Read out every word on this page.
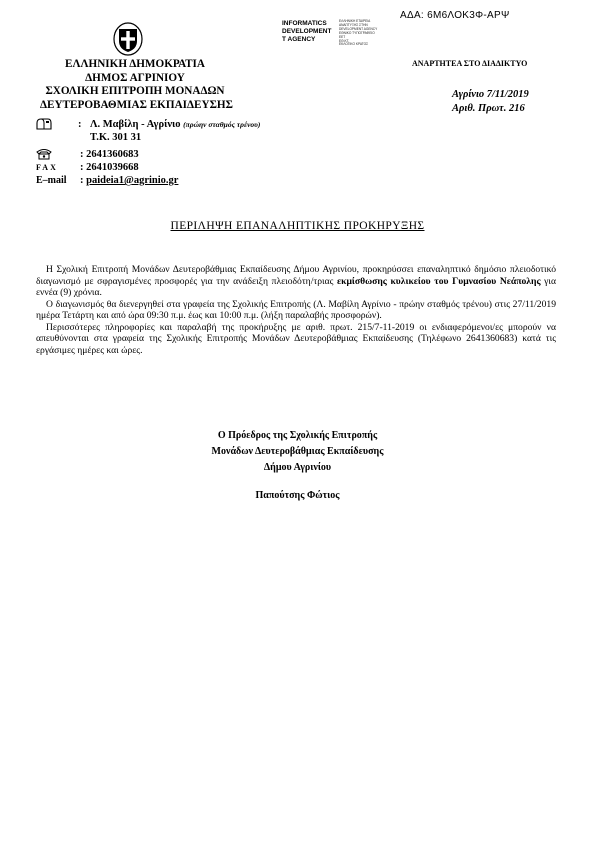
ΑΔΑ: 6Μ6ΛΟΚ3Φ-ΑΡΨ
INFORMATICS
DEVELOPMENT
T AGENCY
ΕΛΛΗΝΙΚΗ ΕΤΑΙΡΕΙΑ
ΑΝΑΠΤΥΞΗΣ ΣΤΗΝ
DEVELOPMENT AGENCY
ΕΘΝΙΚΟ ΤΥΠΟΓΡΑΦΕΙΟ
ΕΕΤ
ΕΘ.ΚΤ.
ΕΚΛΟΓΙΚΟ ΚΡΑΤΟΣ
ΕΛΛΗΝΙΚΗ ΔΗΜΟΚΡΑΤΙΑ
ΔΗΜΟΣ ΑΓΡΙΝΙΟΥ
ΣΧΟΛΙΚΗ ΕΠΙΤΡΟΠΗ ΜΟΝΑΔΩΝ
ΔΕΥΤΕΡΟΒΑΘΜΙΑΣ ΕΚΠΑΙΔΕΥΣΗΣ
ΑΝΑΡΤΗΤΕΑ ΣΤΟ ΔΙΑΔΙΚΤΥΟ
Αγρίνιο 7/11/2019
Αριθ. Πρωτ. 216
: Λ. Μαβίλη - Αγρίνιο (πρώην σταθμός τρένου)
Τ.Κ. 301 31
: 2641360683
FAX : 2641039668
E–mail : paideia1@agrinio.gr
ΠΕΡΙΛΗΨΗ ΕΠΑΝΑΛΗΠΤΙΚΗΣ ΠΡΟΚΗΡΥΞΗΣ

Η Σχολική Επιτροπή Μονάδων Δευτεροβάθμιας Εκπαίδευσης Δήμου Αγρινίου, προκηρύσσει επαναληπτικό δημόσιο πλειοδοτικό διαγωνισμό με σφραγισμένες προσφορές για την ανάδειξη πλειοδότη/τριας εκμίσθωσης κυλικείου του Γυμνασίου Νεάπολης για εννέα (9) χρόνια.

Ο διαγωνισμός θα διενεργηθεί στα γραφεία της Σχολικής Επιτροπής (Λ. Μαβίλη Αγρίνιο - πρώην σταθμός τρένου) στις 27/11/2019 ημέρα Τετάρτη και από ώρα 09:30 π.μ. έως και 10:00 π.μ. (λήξη παραλαβής προσφορών).

Περισσότερες πληροφορίες και παραλαβή της προκήρυξης με αριθ. πρωτ. 215/7-11-2019 οι ενδιαφερόμενοι/ες μπορούν να απευθύνονται στα γραφεία της Σχολικής Επιτροπής Μονάδων Δευτεροβάθμιας Εκπαίδευσης (Τηλέφωνο 2641360683) κατά τις εργάσιμες ημέρες και ώρες.

Ο Πρόεδρος της Σχολικής Επιτροπής
Μονάδων Δευτεροβάθμιας Εκπαίδευσης
Δήμου Αγρινίου
Παπούτσης Φώτιος
